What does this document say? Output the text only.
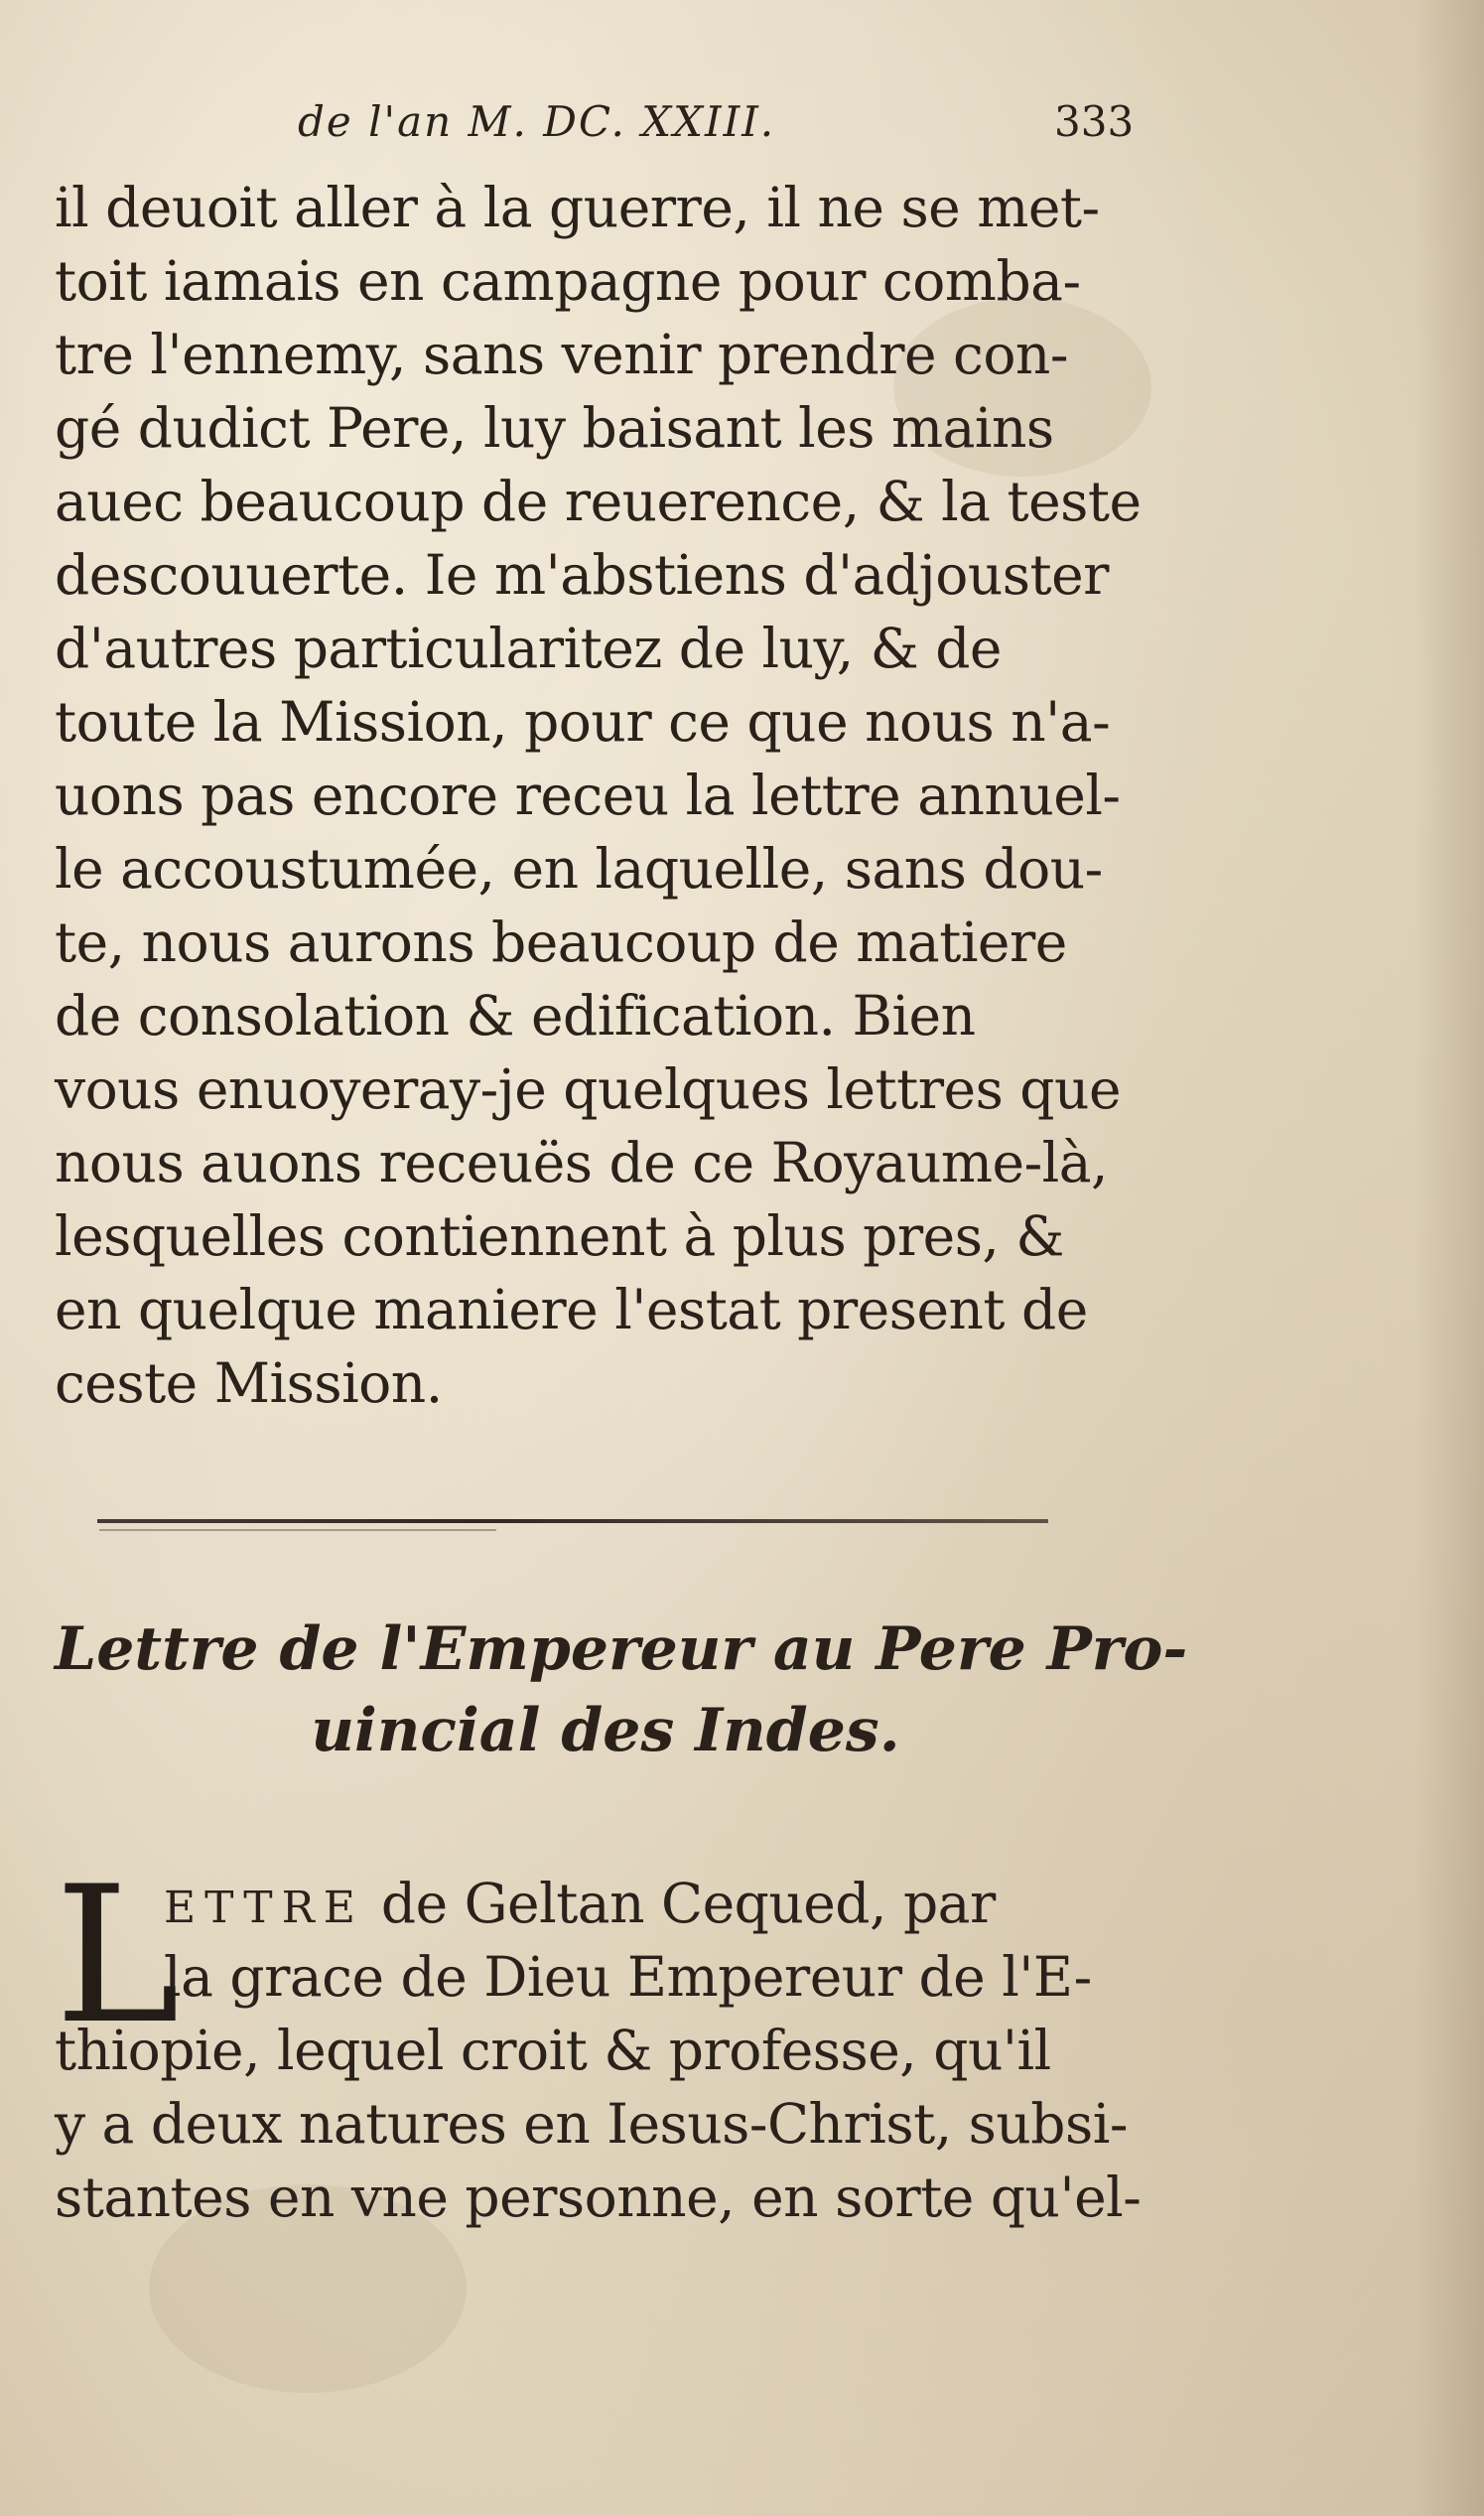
de l'an M. DC. XXIII.	333
il deuoit aller à la guerre, il ne se met-
toit iamais en campagne pour comba-
tre l'ennemy, sans venir prendre con-
gé dudict Pere, luy baisant les mains
auec beaucoup de reuerence, & la teste
descouuerte. Ie m'abstiens d'adjouster
d'autres particularitez de luy, & de
toute la Mission, pour ce que nous n'a-
uons pas encore receu la lettre annuel-
le accoustumée, en laquelle, sans dou-
te, nous aurons beaucoup de matiere
de consolation & edification. Bien
vous enuoyeray-je quelques lettres que
nous auons receuës de ce Royaume-là,
lesquelles contiennent à plus pres, &
en quelque maniere l'estat present de
ceste Mission.
Lettre de l'Empereur au Pere Pro-
uincial des Indes.
L
ETTRE de Geltan Cequed, par
la grace de Dieu Empereur de l'E-
thiopie, lequel croit & professe, qu'il
y a deux natures en Iesus-Christ, subsi-
stantes en vne personne, en sorte qu'el-
